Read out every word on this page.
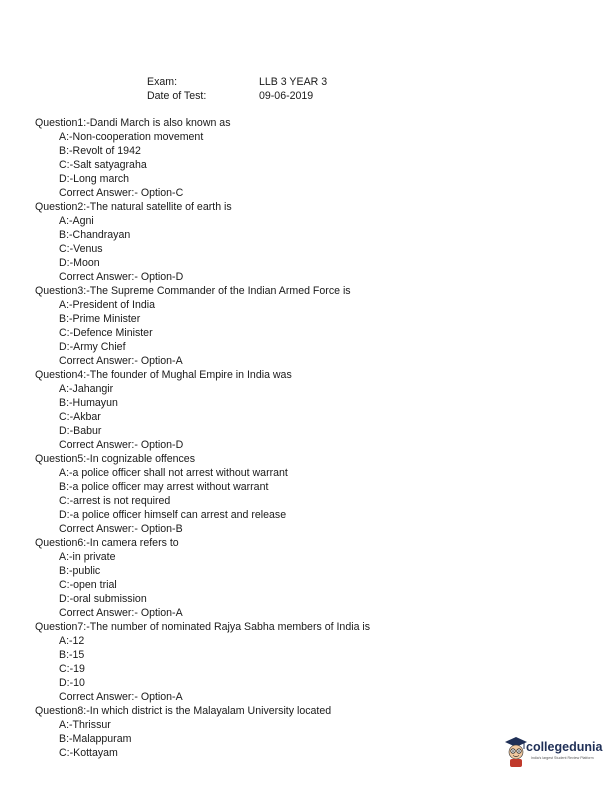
Exam:	LLB 3 YEAR 3
Date of Test:	09-06-2019
Question1:-Dandi March is also known as
A:-Non-cooperation movement
B:-Revolt of 1942
C:-Salt satyagraha
D:-Long march
Correct Answer:- Option-C
Question2:-The natural satellite of earth is
A:-Agni
B:-Chandrayan
C:-Venus
D:-Moon
Correct Answer:- Option-D
Question3:-The Supreme Commander of the Indian Armed Force is
A:-President of India
B:-Prime Minister
C:-Defence Minister
D:-Army Chief
Correct Answer:- Option-A
Question4:-The founder of Mughal Empire in India was
A:-Jahangir
B:-Humayun
C:-Akbar
D:-Babur
Correct Answer:- Option-D
Question5:-In cognizable offences
A:-a police officer shall not arrest without warrant
B:-a police officer may arrest without warrant
C:-arrest is not required
D:-a police officer himself can arrest and release
Correct Answer:- Option-B
Question6:-In camera refers to
A:-in private
B:-public
C:-open trial
D:-oral submission
Correct Answer:- Option-A
Question7:-The number of nominated Rajya Sabha members of India is
A:-12
B:-15
C:-19
D:-10
Correct Answer:- Option-A
Question8:-In which district is the Malayalam University located
A:-Thrissur
B:-Malappuram
C:-Kottayam	collegedunia
India's largest Student Review Platform
